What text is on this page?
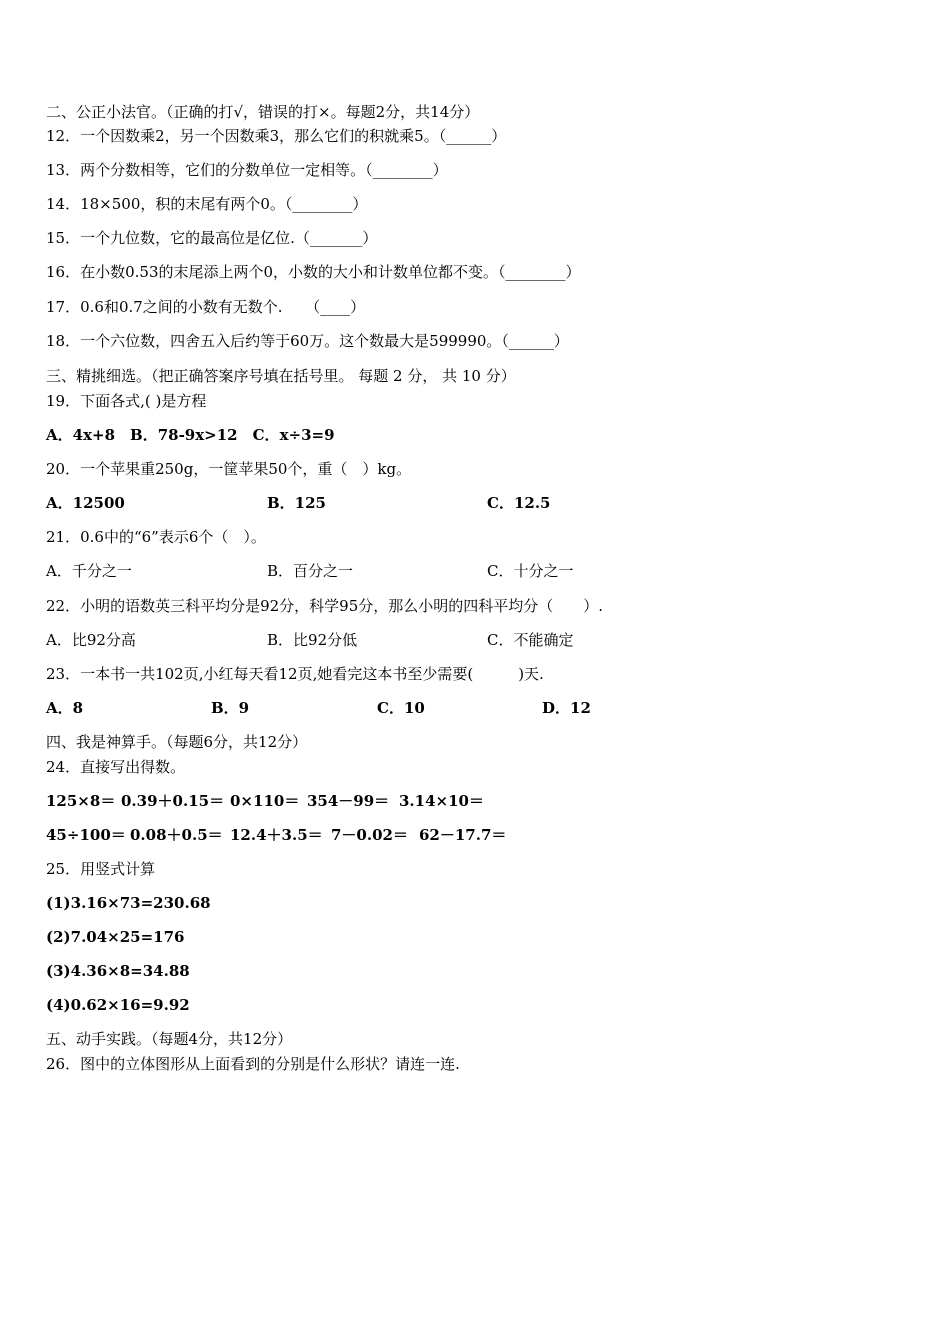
二、公正小法官。（正确的打√，错误的打×。每题2分，共14分）
12．一个因数乘2，另一个因数乘3，那么它们的积就乘5。（______）
13．两个分数相等，它们的分数单位一定相等。（________）
14．18×500，积的末尾有两个0。（________）
15．一个九位数，它的最高位是亿位.（_______）
16．在小数0.53的末尾添上两个0，小数的大小和计数单位都不变。（________）
17．0.6和0.7之间的小数有无数个.　　（____）
18．一个六位数，四舍五入后约等于60万。这个数最大是599990。（______）
三、精挑细选。（把正确答案序号填在括号里。 每题 2 分， 共 10 分）
19．下面各式,( )是方程
A．4x+8　B．78-9x>12　C．x÷3=9
20．一个苹果重250g，一筐苹果50个，重（　）kg。
A．12500	B．125	C．12.5
21．0.6中的“6”表示6个（　）。
A．千分之一	B．百分之一	C．十分之一
22．小明的语数英三科平均分是92分，科学95分，那么小明的四科平均分（　　）.
A．比92分高	B．比92分低	C．不能确定
23．一本书一共102页,小红每天看12页,她看完这本书至少需要(　　　)天.
A．8	B．9	C．10	D．12
四、我是神算手。（每题6分，共12分）
24．直接写出得数。
125×8＝ 0.39＋0.15＝ 0×110＝ 354－99＝ 3.14×10＝
45÷100＝ 0.08＋0.5＝ 12.4＋3.5＝ 7－0.02＝ 62－17.7＝
25．用竖式计算
(1)3.16×73=230.68
(2)7.04×25=176
(3)4.36×8=34.88
(4)0.62×16=9.92
五、动手实践。（每题4分，共12分）
26．图中的立体图形从上面看到的分别是什么形状？请连一连.
